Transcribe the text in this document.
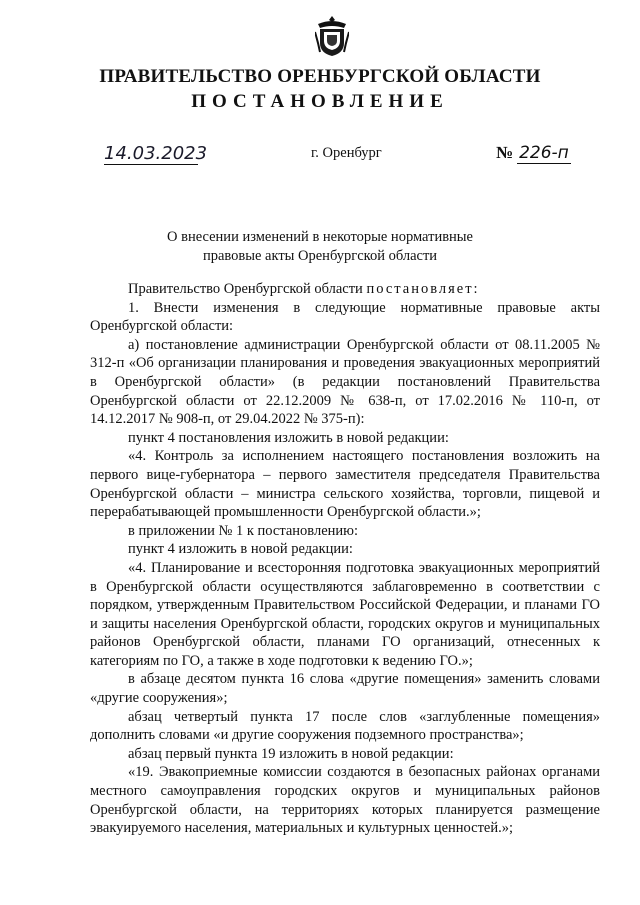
ПРАВИТЕЛЬСТВО ОРЕНБУРГСКОЙ ОБЛАСТИ
ПОСТАНОВЛЕНИЕ
14.03.2023	г. Оренбург	№ 226-п
О внесении изменений в некоторые нормативные
правовые акты Оренбургской области

Правительство Оренбургской области постановляет:

1. Внести изменения в следующие нормативные правовые акты Оренбургской области:

а) постановление администрации Оренбургской области от 08.11.2005 № 312-п «Об организации планирования и проведения эвакуационных мероприятий в Оренбургской области» (в редакции постановлений Правительства Оренбургской области от 22.12.2009 № 638-п, от 17.02.2016 № 110-п, от 14.12.2017 № 908-п, от 29.04.2022 № 375-п):

пункт 4 постановления изложить в новой редакции:

«4. Контроль за исполнением настоящего постановления возложить на первого вице-губернатора – первого заместителя председателя Правительства Оренбургской области – министра сельского хозяйства, торговли, пищевой и перерабатывающей промышленности Оренбургской области.»;

в приложении № 1 к постановлению:

пункт 4 изложить в новой редакции:

«4. Планирование и всесторонняя подготовка эвакуационных мероприятий в Оренбургской области осуществляются заблаговременно в соответствии с порядком, утвержденным Правительством Российской Федерации, и планами ГО и защиты населения Оренбургской области, городских округов и муниципальных районов Оренбургской области, планами ГО организаций, отнесенных к категориям по ГО, а также в ходе подготовки к ведению ГО.»;

в абзаце десятом пункта 16 слова «другие помещения» заменить словами «другие сооружения»;

абзац четвертый пункта 17 после слов «заглубленные помещения» дополнить словами «и другие сооружения подземного пространства»;

абзац первый пункта 19 изложить в новой редакции:

«19. Эвакоприемные комиссии создаются в безопасных районах органами местного самоуправления городских округов и муниципальных районов Оренбургской области, на территориях которых планируется размещение эвакуируемого населения, материальных и культурных ценностей.»;
